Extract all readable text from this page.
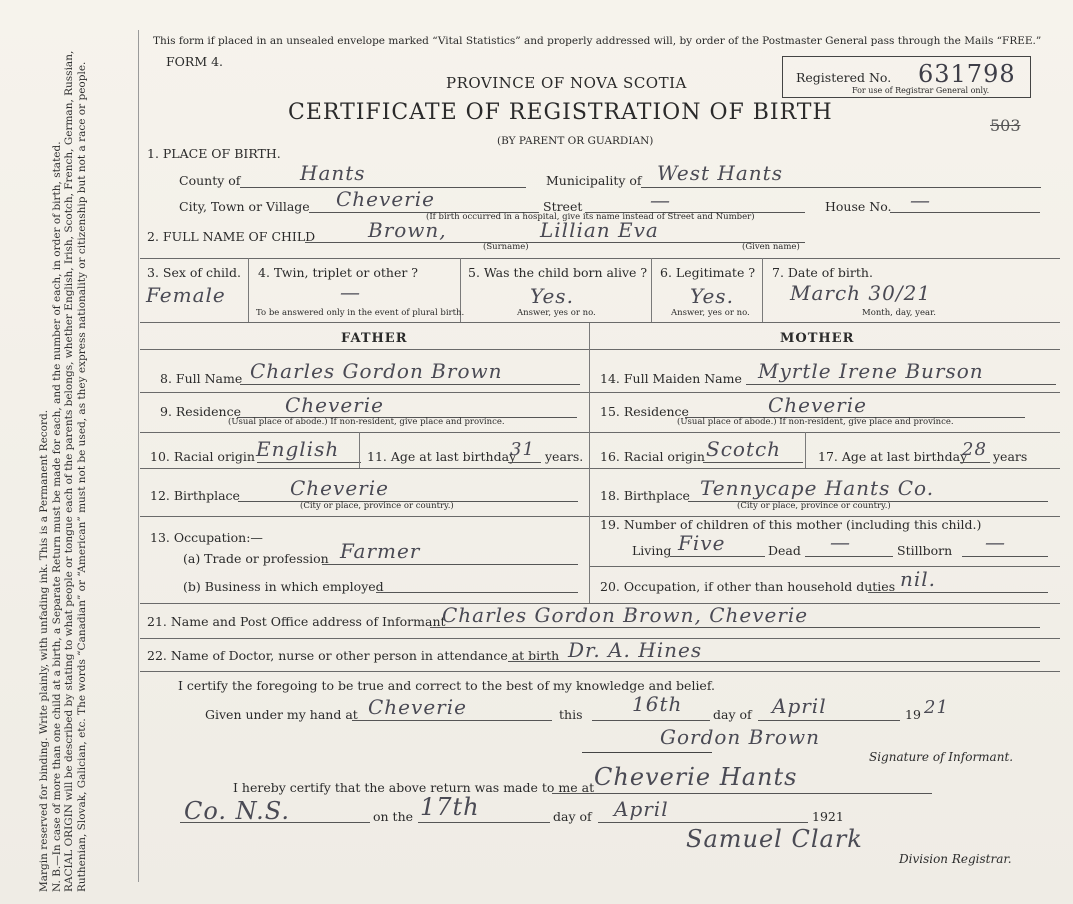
Margin reserved for binding. Write plainly, with unfading ink. This is a Permanent Record. N. B.—In case of more than one child at a birth, a Separate Return must be made for each, and the number of each, in order of birth, stated. RACIAL ORIGIN will be described by stating to what people or tongue each of the parents belongs, whether English, Irish, Scotch, French, German, Russian, Ruthenian, Slovak, Galician, etc. The words “Canadian” or “American” must not be used, as they express nationality or citizenship but not a race or people.
This form if placed in an unsealed envelope marked “Vital Statistics” and properly addressed will, by order of the Postmaster General pass through the Mails “FREE.”
FORM 4.
PROVINCE OF NOVA SCOTIA
CERTIFICATE OF REGISTRATION OF BIRTH
(BY PARENT OR GUARDIAN)
Registered No. 631798
For use of Registrar General only.
503
1. PLACE OF BIRTH.
County of	Hants	Municipality of West Hants
City, Town or Village Cheverie	Street	—	House No. —
(If birth occurred in a hospital, give its name instead of Street and Number)
2. FULL NAME OF CHILD	Brown,	Lillian Eva
(Surname)	(Given name)
3. Sex of child.
Female
4. Twin, triplet or other ?
—
To be answered only in the event of plural birth.
5. Was the child born alive ?
Yes.
Answer, yes or no.
6. Legitimate ?
Yes.
Answer, yes or no.
7. Date of birth.
March 30/21
Month, day, year.
FATHER	MOTHER
8. Full Name Charles Gordon Brown
9. Residence Cheverie
(Usual place of abode.) If non-resident, give place and province.
10. Racial origin English 11. Age at last birthday
31 years.
12. Birthplace	Cheverie
(City or place, province or country.)
13. Occupation:—
(a) Trade or profession Farmer
(b) Business in which employed
14. Full Maiden Name Myrtle Irene Burson
15. Residence	Cheverie
(Usual place of abode.) If non-resident, give place and province.
16. Racial origin Scotch	17. Age at last birthday
28 years
18. Birthplace Tennycape Hants Co.
(City or place, province or country.)
19. Number of children of this mother (including this child.)
Living Five	Dead —	Stillborn —
20. Occupation, if other than household duties nil.
21. Name and Post Office address of Informant
Charles Gordon Brown, Cheverie
22. Name of Doctor, nurse or other person in attendance at birth Dr. A. Hines
I certify the foregoing to be true and correct to the best of my knowledge and belief.
Given under my hand at Cheverie	this 16th day of April	19 21
Gordon Brown
Signature of Informant.
I hereby certify that the above return was made to me at Cheverie Hants
Co. N.S.	on the 17th	day of April	1921
Samuel Clark
Division Registrar.
